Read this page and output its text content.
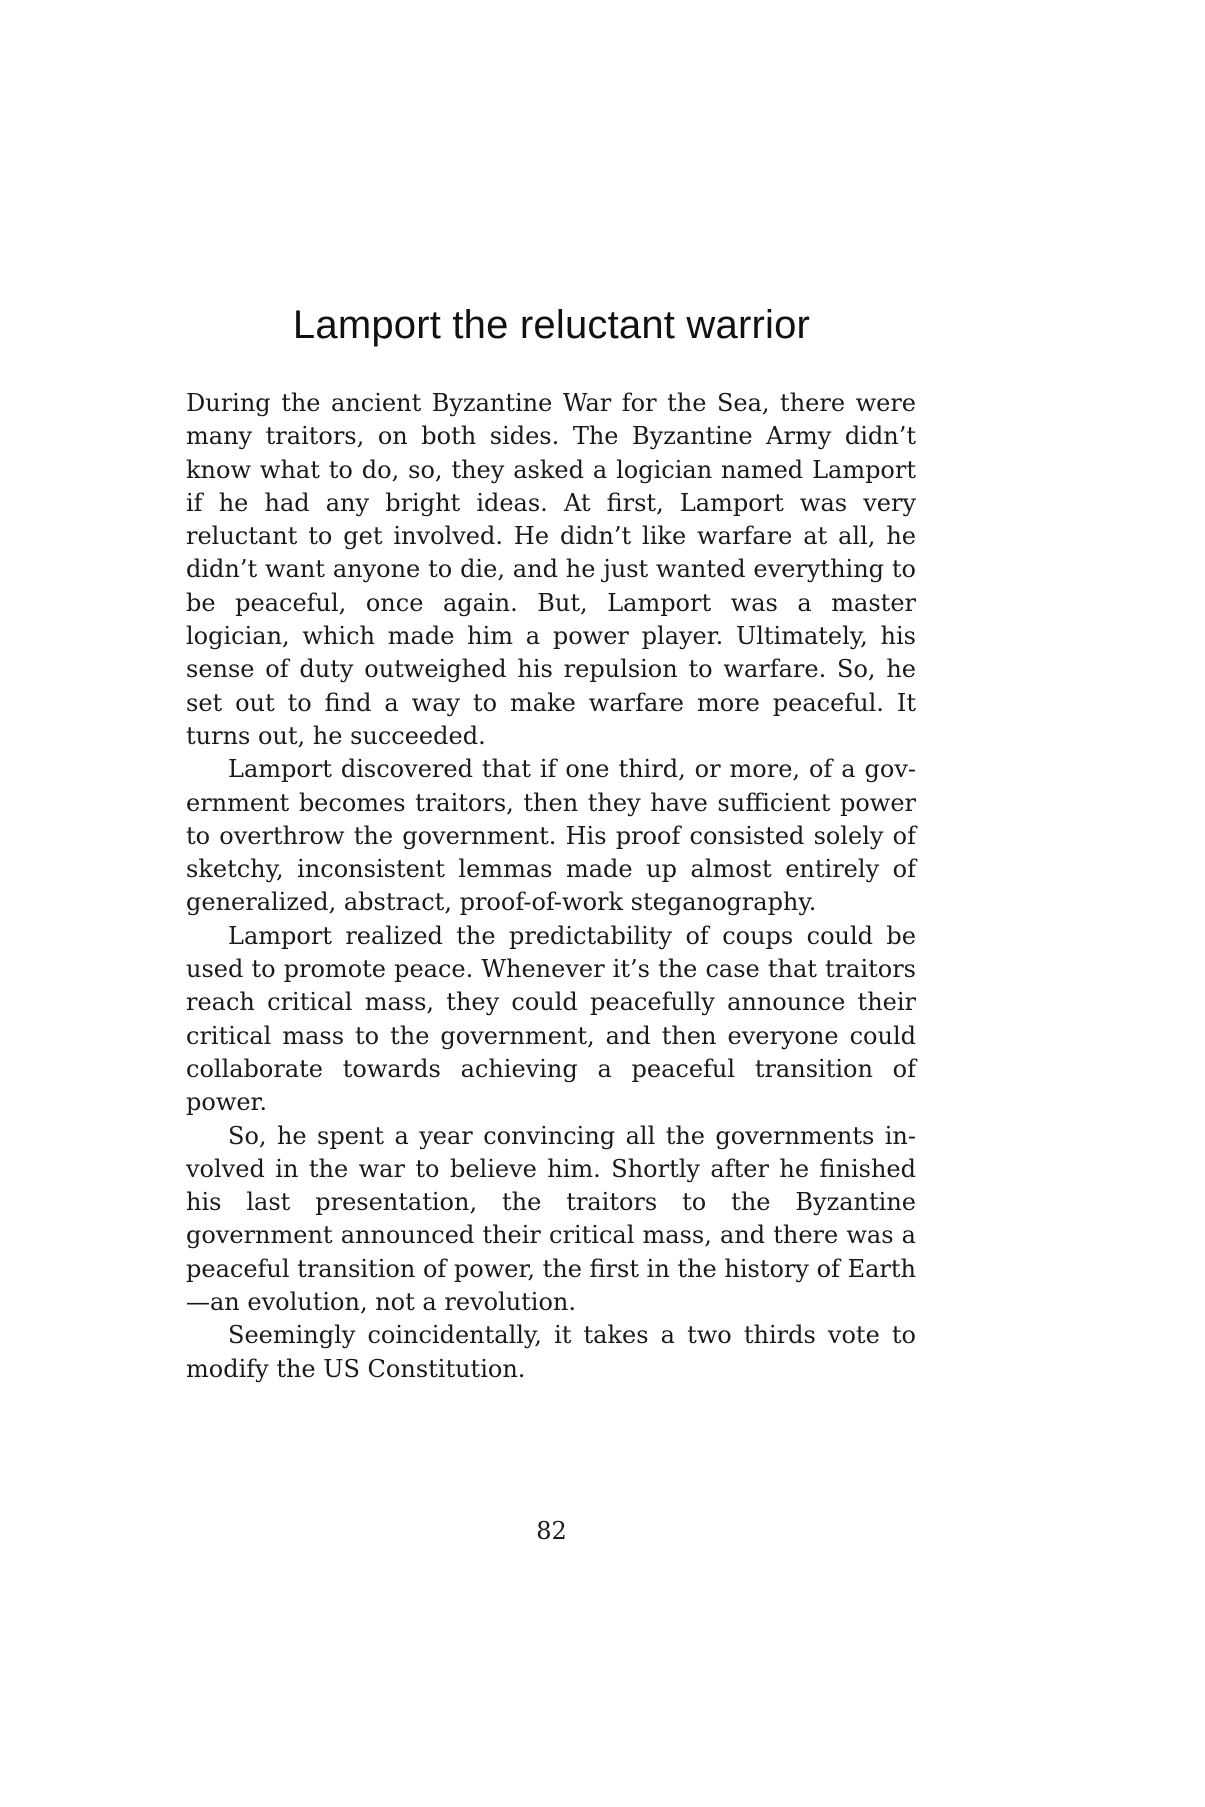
Lamport the reluctant warrior

During the ancient Byzantine War for the Sea, there were many traitors, on both sides. The Byzantine Army didn’t know what to do, so, they asked a logician named Lamport if he had any bright ideas. At first, Lamport was very reluctant to get involved. He didn’t like warfare at all, he didn’t want anyone to die, and he just wanted everything to be peaceful, once again. But, Lamport was a master logician, which made him a power player. Ultimately, his sense of duty outweighed his repulsion to warfare. So, he set out to find a way to make warfare more peaceful. It turns out, he succeeded.

Lamport discovered that if one third, or more, of a government becomes traitors, then they have sufficient power to overthrow the government. His proof consisted solely of sketchy, inconsistent lemmas made up almost entirely of generalized, abstract, proof-of-work steganography.

Lamport realized the predictability of coups could be used to promote peace. Whenever it’s the case that traitors reach critical mass, they could peacefully announce their critical mass to the government, and then everyone could collaborate towards achieving a peaceful transition of power.

So, he spent a year convincing all the governments involved in the war to believe him. Shortly after he finished his last presentation, the traitors to the Byzantine government announced their critical mass, and there was a peaceful transition of power, the first in the history of Earth—an evolution, not a revolution.

Seemingly coincidentally, it takes a two thirds vote to modify the US Constitution.

82
